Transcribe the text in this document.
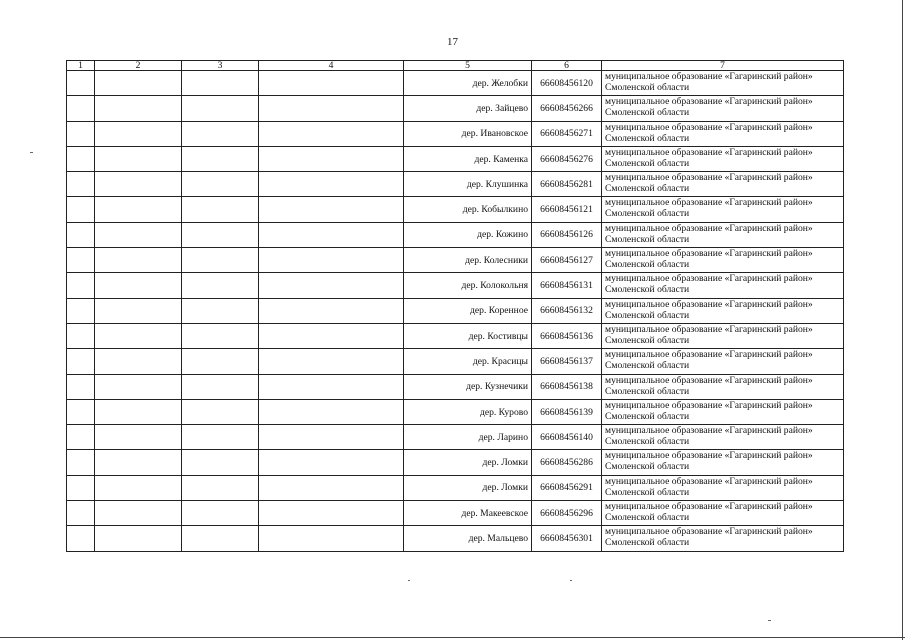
17
1	2	3	4	5	6	7
				дер. Желобки	66608456120	муниципальное образование «Гагаринский район»
Смоленской области

				дер. Зайцево	66608456266	муниципальное образование «Гагаринский район»
Смоленской области

				дер. Ивановское	66608456271	муниципальное образование «Гагаринский район»
Смоленской области

				дер. Каменка	66608456276	муниципальное образование «Гагаринский район»
Смоленской области

				дер. Клушинка	66608456281	муниципальное образование «Гагаринский район»
Смоленской области

				дер. Кобылкино	66608456121	муниципальное образование «Гагаринский район»
Смоленской области

				дер. Кожино	66608456126	муниципальное образование «Гагаринский район»
Смоленской области

				дер. Колесники	66608456127	муниципальное образование «Гагаринский район»
Смоленской области

				дер. Колокольня	66608456131	муниципальное образование «Гагаринский район»
Смоленской области

				дер. Коренное	66608456132	муниципальное образование «Гагаринский район»
Смоленской области

				дер. Костивцы	66608456136	муниципальное образование «Гагаринский район»
Смоленской области

				дер. Красицы	66608456137	муниципальное образование «Гагаринский район»
Смоленской области

				дер. Кузнечики	66608456138	муниципальное образование «Гагаринский район»
Смоленской области

				дер. Курово	66608456139	муниципальное образование «Гагаринский район»
Смоленской области

				дер. Ларино	66608456140	муниципальное образование «Гагаринский район»
Смоленской области

				дер. Ломки	66608456286	муниципальное образование «Гагаринский район»
Смоленской области

				дер. Ломки	66608456291	муниципальное образование «Гагаринский район»
Смоленской области

				дер. Макеевское	66608456296	муниципальное образование «Гагаринский район»
Смоленской области

				дер. Мальцево	66608456301	муниципальное образование «Гагаринский район»
Смоленской области
